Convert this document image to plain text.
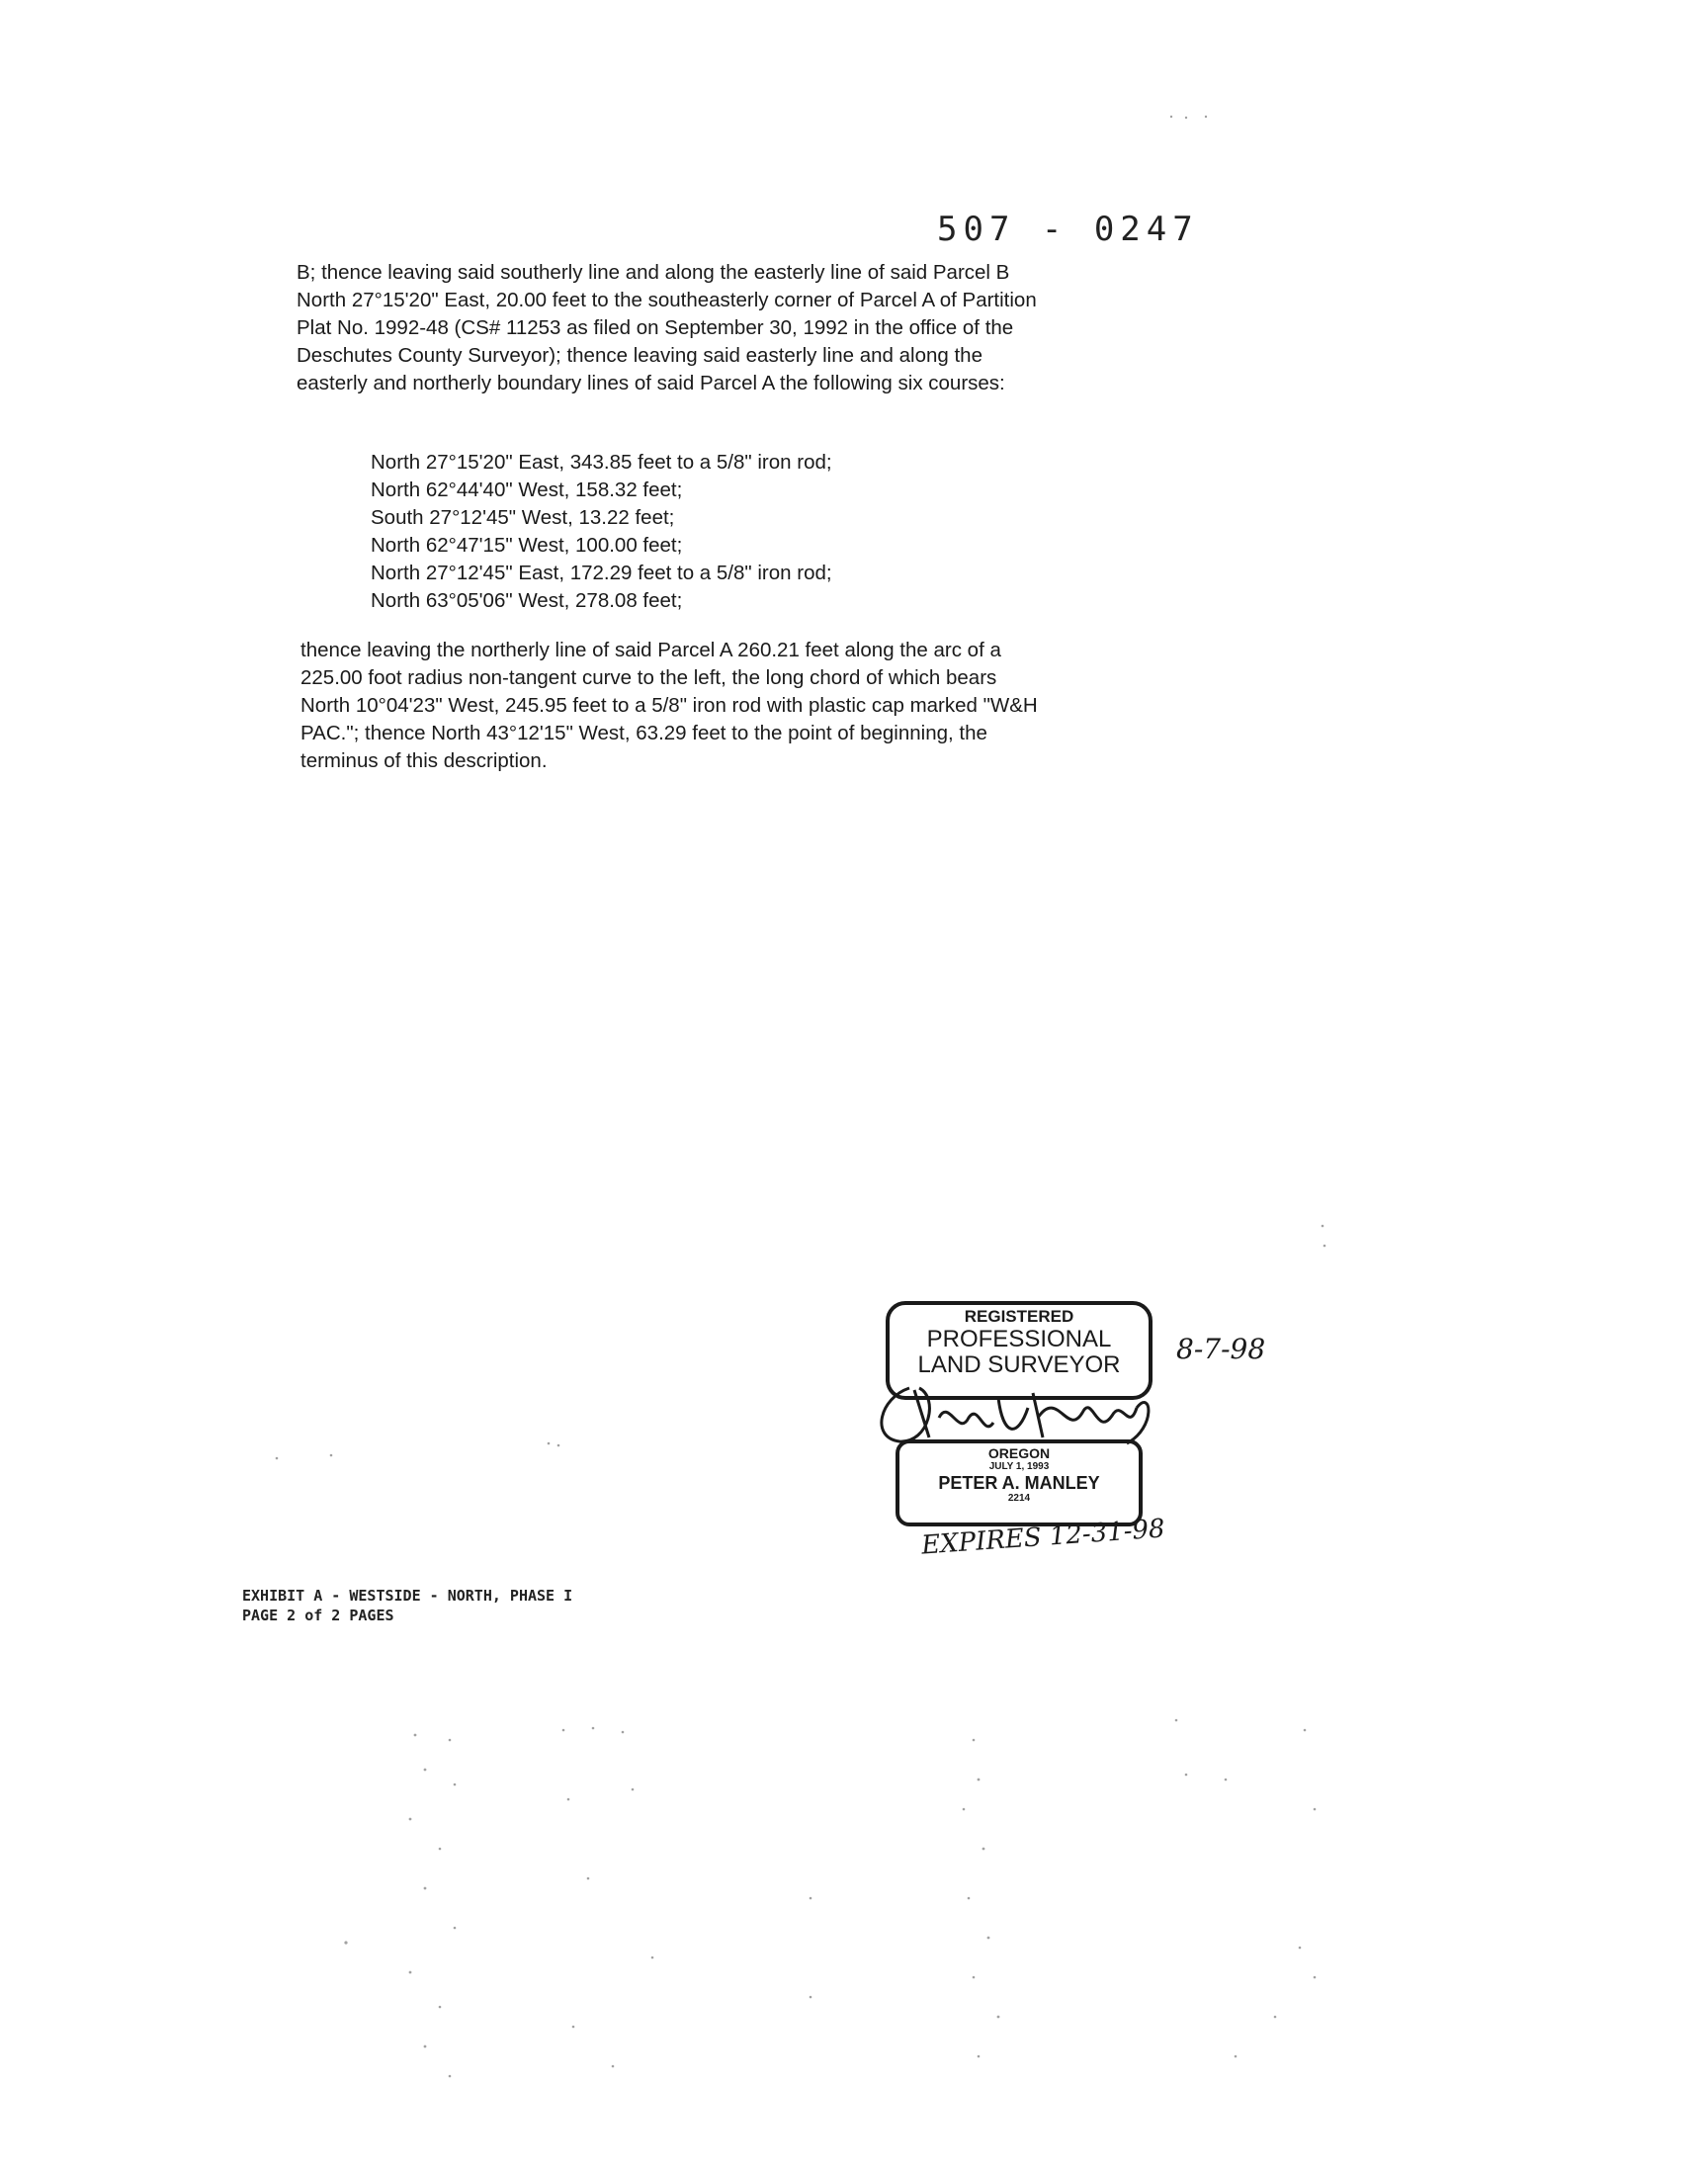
507 - 0247

B; thence leaving said southerly line and along the easterly line of said Parcel B North 27°15'20" East, 20.00 feet to the southeasterly corner of Parcel A of Partition Plat No. 1992-48 (CS# 11253 as filed on September 30, 1992 in the office of the Deschutes County Surveyor); thence leaving said easterly line and along the easterly and northerly boundary lines of said Parcel A the following six courses:

North 27°15'20" East, 343.85 feet to a 5/8" iron rod;
North 62°44'40" West, 158.32 feet;
South 27°12'45" West, 13.22 feet;
North 62°47'15" West, 100.00 feet;
North 27°12'45" East, 172.29 feet to a 5/8" iron rod;
North 63°05'06" West, 278.08 feet;

thence leaving the northerly line of said Parcel A 260.21 feet along the arc of a 225.00 foot radius non-tangent curve to the left, the long chord of which bears North 10°04'23" West, 245.95 feet to a 5/8" iron rod with plastic cap marked "W&H PAC."; thence North 43°12'15" West, 63.29 feet to the point of beginning, the terminus of this description.

REGISTERED
PROFESSIONAL
LAND SURVEYOR
OREGON
JULY 1, 1993
PETER A. MANLEY
2214
8-7-98
EXPIRES 12-31-98
EXHIBIT A - WESTSIDE - NORTH, PHASE I
PAGE 2 of 2 PAGES
